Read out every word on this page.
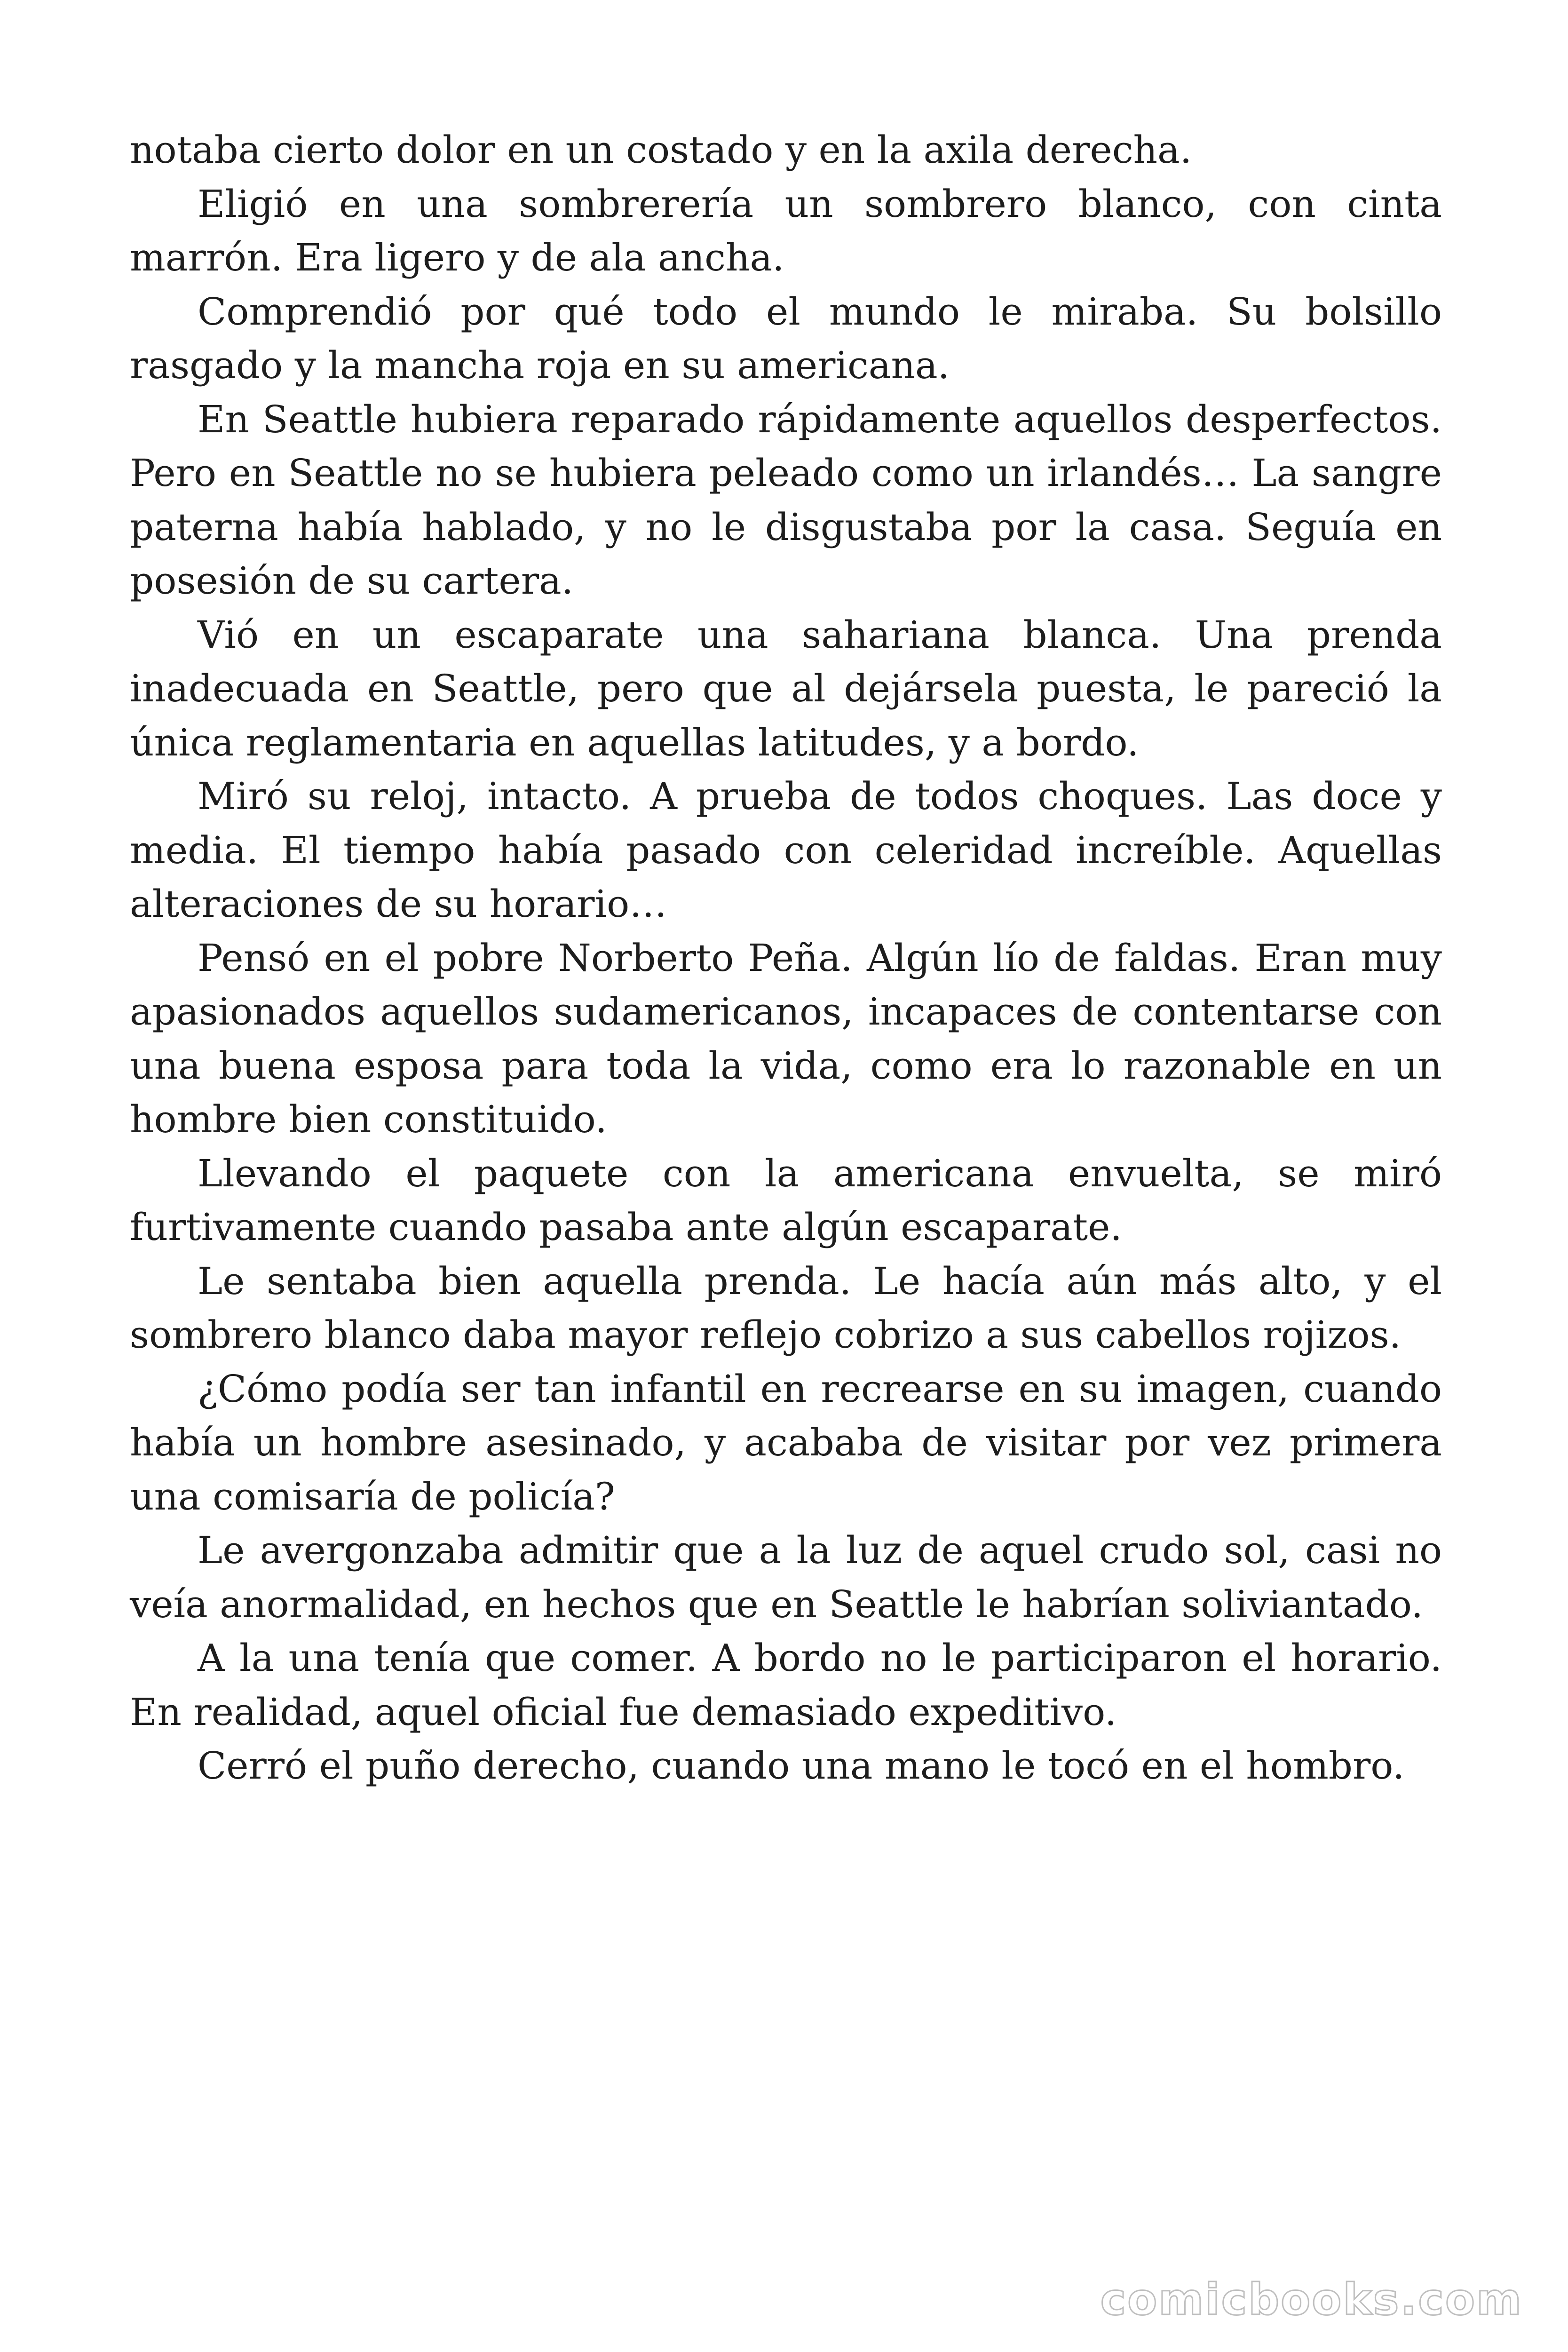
notaba cierto dolor en un costado y en la axila derecha.

Eligió en una sombrerería un sombrero blanco, con cinta marrón. Era ligero y de ala ancha.

Comprendió por qué todo el mundo le miraba. Su bolsillo rasgado y la mancha roja en su americana.

En Seattle hubiera reparado rápidamente aquellos desperfectos. Pero en Seattle no se hubiera peleado como un irlandés… La sangre paterna había hablado, y no le disgustaba por la casa. Seguía en posesión de su cartera.

Vió en un escaparate una sahariana blanca. Una prenda inadecuada en Seattle, pero que al dejársela puesta, le pareció la única reglamentaria en aquellas latitudes, y a bordo.

Miró su reloj, intacto. A prueba de todos choques. Las doce y media. El tiempo había pasado con celeridad increíble. Aquellas alteraciones de su horario…

Pensó en el pobre Norberto Peña. Algún lío de faldas. Eran muy apasionados aquellos sudamericanos, incapaces de contentarse con una buena esposa para toda la vida, como era lo razonable en un hombre bien constituido.

Llevando el paquete con la americana envuelta, se miró furtivamente cuando pasaba ante algún escaparate.

Le sentaba bien aquella prenda. Le hacía aún más alto, y el sombrero blanco daba mayor reflejo cobrizo a sus cabellos rojizos.

¿Cómo podía ser tan infantil en recrearse en su imagen, cuando había un hombre asesinado, y acababa de visitar por vez primera una comisaría de policía?

Le avergonzaba admitir que a la luz de aquel crudo sol, casi no veía anormalidad, en hechos que en Seattle le habrían soliviantado.

A la una tenía que comer. A bordo no le participaron el horario. En realidad, aquel oficial fue demasiado expeditivo.

Cerró el puño derecho, cuando una mano le tocó en el hombro.

comicbooks.com
